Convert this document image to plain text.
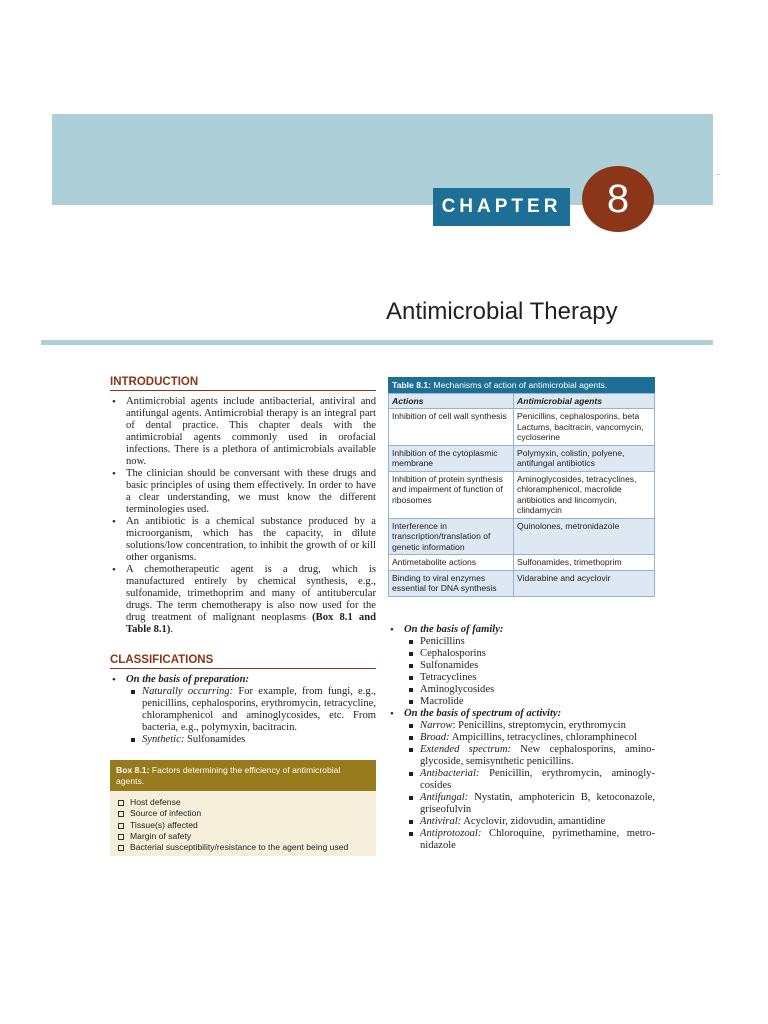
CHAPTER	8
Antimicrobial Therapy
INTRODUCTION
• Antimicrobial agents include antibacterial, antiviral and antifungal agents. Antimicrobial therapy is an integral part of dental practice. This chapter deals with the antimicrobial agents commonly used in orofacial infections. There is a plethora of antimicrobials available now.
• The clinician should be conversant with these drugs and basic principles of using them effectively. In order to have a clear understanding, we must know the different terminologies used.
• An antibiotic is a chemical substance produced by a microorganism, which has the capacity, in dilute solutions/low concentration, to inhibit the growth of or kill other organisms.
• A chemotherapeutic agent is a drug, which is manufactured entirely by chemical synthesis, e.g., sulfonamide, trimethoprim and many of antitubercular drugs. The term chemotherapy is also now used for the drug treatment of malignant neoplasms (Box 8.1 and Table 8.1).
CLASSIFICATIONS
• On the basis of preparation:
Naturally occurring: For example, from fungi, e.g., penicillins, cephalosporins, erythromycin, tetracycline, chloramphenicol and aminoglycosides, etc. From bacteria, e.g., polymyxin, bacitracin.
Synthetic: Sulfonamides
Box 8.1: Factors determining the efficiency of antimicrobial agents.
Host defense
Source of infection
Tissue(s) affected
Margin of safety
Bacterial susceptibility/resistance to the agent being used
Table 8.1: Mechanisms of action of antimicrobial agents.
Actions	Antimicrobial agents
Inhibition of cell wall synthesis	Penicillins, cephalosporins, beta Lactums, bacitracin, vancomycin, cycloserine
Inhibition of the cytoplasmic membrane	Polymyxin, colistin, polyene, antifungal antibiotics
Inhibition of protein synthesis and impairment of function of ribosomes	Aminoglycosides, tetracyclines, chloramphenicol, macrolide antibiotics and lincomycin, clindamycin
Interference in transcription/translation of genetic information	Quinolones, metronidazole
Antimetabolite actions	Sulfonamides, trimethoprim
Binding to viral enzymes essential for DNA synthesis	Vidarabine and acyclovir
• On the basis of family:
Penicillins
Cephalosporins
Sulfonamides
Tetracyclines
Aminoglycosides
Macrolide
• On the basis of spectrum of activity:
Narrow: Penicillins, streptomycin, erythromycin
Broad: Ampicillins, tetracyclines, chloramphinecol
Extended spectrum: New cephalosporins, amino-glycoside, semisynthetic penicillins.
Antibacterial: Penicillin, erythromycin, aminogly-cosides
Antifungal: Nystatin, amphotericin B, ketoconazole, griseofulvin
Antiviral: Acyclovir, zidovudin, amantidine
Antiprotozoal: Chloroquine, pyrimethamine, metro-nidazole
